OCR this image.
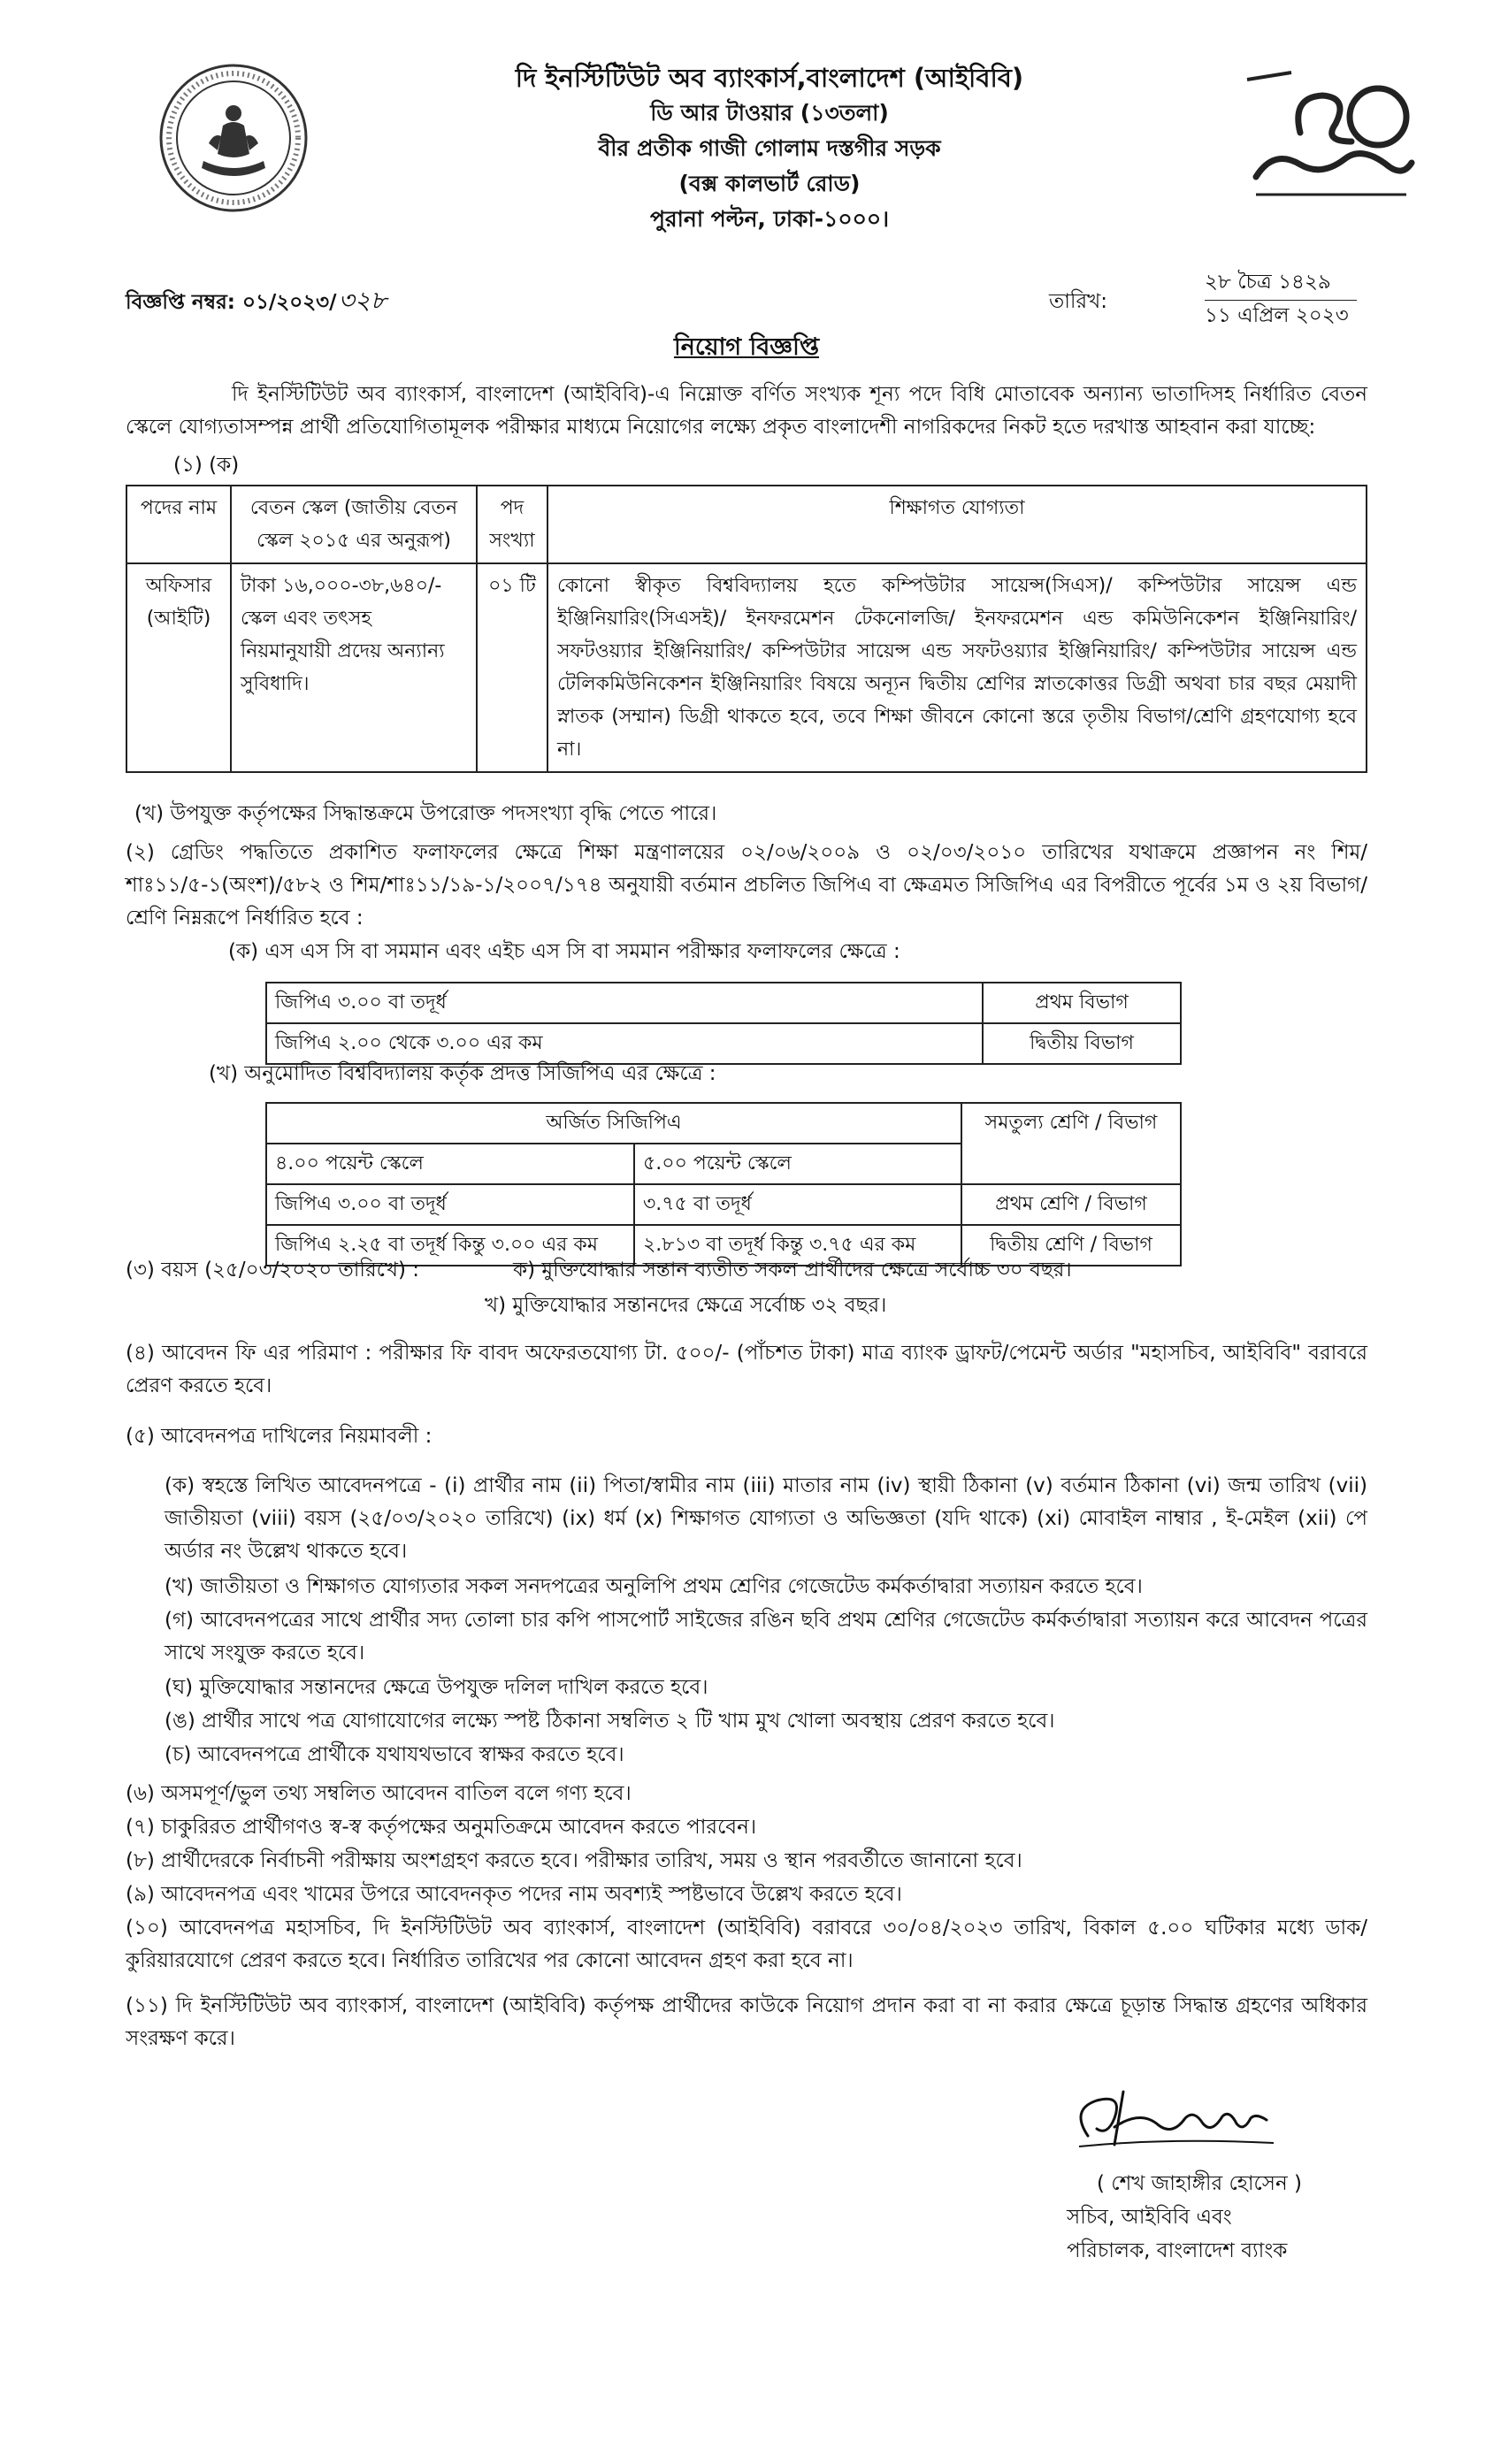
দি ইনস্টিটিউট অব ব্যাংকার্স,বাংলাদেশ (আইবিবি)
ডি আর টাওয়ার (১৩তলা)
বীর প্রতীক গাজী গোলাম দস্তগীর সড়ক
(বক্স কালভার্ট রোড)
পুরানা পল্টন, ঢাকা-১০০০।
বিজ্ঞপ্তি নম্বর: ০১/২০২৩/৩২৮	তারিখ:
২৮ চৈত্র ১৪২৯
১১ এপ্রিল ২০২৩
নিয়োগ বিজ্ঞপ্তি
দি ইনস্টিটিউট অব ব্যাংকার্স, বাংলাদেশ (আইবিবি)-এ নিম্নোক্ত বর্ণিত সংখ্যক শূন্য পদে বিধি মোতাবেক অন্যান্য ভাতাদিসহ নির্ধারিত বেতন স্কেলে যোগ্যতাসম্পন্ন প্রার্থী প্রতিযোগিতামূলক পরীক্ষার মাধ্যমে নিয়োগের লক্ষ্যে প্রকৃত বাংলাদেশী নাগরিকদের নিকট হতে দরখাস্ত আহবান করা যাচ্ছে:
(১) (ক)
পদের নাম	বেতন স্কেল (জাতীয় বেতন স্কেল ২০১৫ এর অনুরূপ)	পদ সংখ্যা	শিক্ষাগত যোগ্যতা
অফিসার (আইটি)	টাকা ১৬,০০০-৩৮,৬৪০/- স্কেল এবং তৎসহ নিয়মানুযায়ী প্রদেয় অন্যান্য সুবিধাদি।	০১ টি	কোনো স্বীকৃত বিশ্ববিদ্যালয় হতে কম্পিউটার সায়েন্স(সিএস)/ কম্পিউটার সায়েন্স এন্ড ইঞ্জিনিয়ারিং(সিএসই)/ ইনফরমেশন টেকনোলজি/ ইনফরমেশন এন্ড কমিউনিকেশন ইঞ্জিনিয়ারিং/ সফটওয়্যার ইঞ্জিনিয়ারিং/ কম্পিউটার সায়েন্স এন্ড সফটওয়্যার ইঞ্জিনিয়ারিং/ কম্পিউটার সায়েন্স এন্ড টেলিকমিউনিকেশন ইঞ্জিনিয়ারিং বিষয়ে অন্যূন দ্বিতীয় শ্রেণির স্নাতকোত্তর ডিগ্রী অথবা চার বছর মেয়াদী স্নাতক (সম্মান) ডিগ্রী থাকতে হবে, তবে শিক্ষা জীবনে কোনো স্তরে তৃতীয় বিভাগ/শ্রেণি গ্রহণযোগ্য হবে না।
(খ) উপযুক্ত কর্তৃপক্ষের সিদ্ধান্তক্রমে উপরোক্ত পদসংখ্যা বৃদ্ধি পেতে পারে।
(২) গ্রেডিং পদ্ধতিতে প্রকাশিত ফলাফলের ক্ষেত্রে শিক্ষা মন্ত্রণালয়ের ০২/০৬/২০০৯ ও ০২/০৩/২০১০ তারিখের যথাক্রমে প্রজ্ঞাপন নং শিম/শাঃ১১/৫-১(অংশ)/৫৮২ ও শিম/শাঃ১১/১৯-১/২০০৭/১৭৪ অনুযায়ী বর্তমান প্রচলিত জিপিএ বা ক্ষেত্রমত সিজিপিএ এর বিপরীতে পূর্বের ১ম ও ২য় বিভাগ/শ্রেণি নিম্নরূপে নির্ধারিত হবে :
(ক) এস এস সি বা সমমান এবং এইচ এস সি বা সমমান পরীক্ষার ফলাফলের ক্ষেত্রে :
জিপিএ ৩.০০ বা তদূর্ধ	প্রথম বিভাগ
জিপিএ ২.০০ থেকে ৩.০০ এর কম	দ্বিতীয় বিভাগ
(খ) অনুমোদিত বিশ্ববিদ্যালয় কর্তৃক প্রদত্ত সিজিপিএ এর ক্ষেত্রে :
অর্জিত সিজিপিএ		সমতুল্য শ্রেণি / বিভাগ
৪.০০ পয়েন্ট স্কেলে	৫.০০ পয়েন্ট স্কেলে	
জিপিএ ৩.০০ বা তদূর্ধ	৩.৭৫ বা তদূর্ধ	প্রথম শ্রেণি / বিভাগ
জিপিএ ২.২৫ বা তদূর্ধ কিন্তু ৩.০০ এর কম	২.৮১৩ বা তদূর্ধ কিন্তু ৩.৭৫ এর কম	দ্বিতীয় শ্রেণি / বিভাগ
(৩) বয়স (২৫/০৩/২০২০ তারিখে) :	ক) মুক্তিযোদ্ধার সন্তান ব্যতীত সকল প্রার্থীদের ক্ষেত্রে সর্বোচ্চ ৩০ বছর।
খ) মুক্তিযোদ্ধার সন্তানদের ক্ষেত্রে সর্বোচ্চ ৩২ বছর।
(৪) আবেদন ফি এর পরিমাণ : পরীক্ষার ফি বাবদ অফেরতযোগ্য টা. ৫০০/- (পাঁচশত টাকা) মাত্র ব্যাংক ড্রাফট/পেমেন্ট অর্ডার "মহাসচিব, আইবিবি" বরাবরে প্রেরণ করতে হবে।
(৫) আবেদনপত্র দাখিলের নিয়মাবলী :
(ক) স্বহস্তে লিখিত আবেদনপত্রে - (i) প্রার্থীর নাম (ii) পিতা/স্বামীর নাম (iii) মাতার নাম (iv) স্থায়ী ঠিকানা (v) বর্তমান ঠিকানা (vi) জন্ম তারিখ (vii) জাতীয়তা (viii) বয়স (২৫/০৩/২০২০ তারিখে) (ix) ধর্ম (x) শিক্ষাগত যোগ্যতা ও অভিজ্ঞতা (যদি থাকে) (xi) মোবাইল নাম্বার , ই-মেইল (xii) পে অর্ডার নং উল্লেখ থাকতে হবে।
(খ) জাতীয়তা ও শিক্ষাগত যোগ্যতার সকল সনদপত্রের অনুলিপি প্রথম শ্রেণির গেজেটেড কর্মকর্তাদ্বারা সত্যায়ন করতে হবে।
(গ) আবেদনপত্রের সাথে প্রার্থীর সদ্য তোলা চার কপি পাসপোর্ট সাইজের রঙিন ছবি প্রথম শ্রেণির গেজেটেড কর্মকর্তাদ্বারা সত্যায়ন করে আবেদন পত্রের সাথে সংযুক্ত করতে হবে।
(ঘ) মুক্তিযোদ্ধার সন্তানদের ক্ষেত্রে উপযুক্ত দলিল দাখিল করতে হবে।
(ঙ) প্রার্থীর সাথে পত্র যোগাযোগের লক্ষ্যে স্পষ্ট ঠিকানা সম্বলিত ২ টি খাম মুখ খোলা অবস্থায় প্রেরণ করতে হবে।
(চ) আবেদনপত্রে প্রার্থীকে যথাযথভাবে স্বাক্ষর করতে হবে।
(৬) অসমপূর্ণ/ভুল তথ্য সম্বলিত আবেদন বাতিল বলে গণ্য হবে।
(৭) চাকুরিরত প্রার্থীগণও স্ব-স্ব কর্তৃপক্ষের অনুমতিক্রমে আবেদন করতে পারবেন।
(৮) প্রার্থীদেরকে নির্বাচনী পরীক্ষায় অংশগ্রহণ করতে হবে। পরীক্ষার তারিখ, সময় ও স্থান পরবর্তীতে জানানো হবে।
(৯) আবেদনপত্র এবং খামের উপরে আবেদনকৃত পদের নাম অবশ্যই স্পষ্টভাবে উল্লেখ করতে হবে।
(১০) আবেদনপত্র মহাসচিব, দি ইনস্টিটিউট অব ব্যাংকার্স, বাংলাদেশ (আইবিবি) বরাবরে ৩০/০৪/২০২৩ তারিখ, বিকাল ৫.০০ ঘটিকার মধ্যে ডাক/কুরিয়ারযোগে প্রেরণ করতে হবে। নির্ধারিত তারিখের পর কোনো আবেদন গ্রহণ করা হবে না।
(১১) দি ইনস্টিটিউট অব ব্যাংকার্স, বাংলাদেশ (আইবিবি) কর্তৃপক্ষ প্রার্থীদের কাউকে নিয়োগ প্রদান করা বা না করার ক্ষেত্রে চূড়ান্ত সিদ্ধান্ত গ্রহণের অধিকার সংরক্ষণ করে।
( শেখ জাহাঙ্গীর হোসেন )
সচিব, আইবিবি এবং
পরিচালক, বাংলাদেশ ব্যাংক
